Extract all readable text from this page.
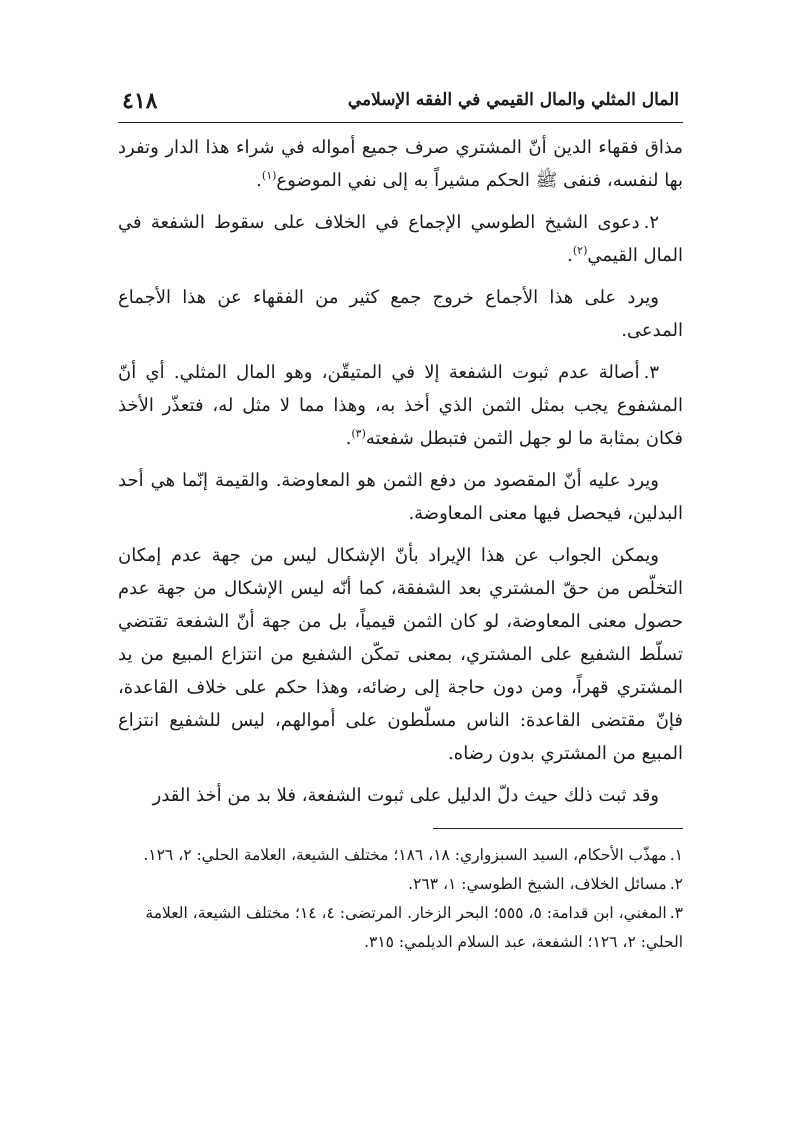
المال المثلي والمال القيمي في الفقه الإسلامي
٤١٨

مذاق فقهاء الدين أنّ المشتري صرف جميع أمواله في شراء هذا الدار وتفرد بها لنفسه، فنفى ﷺ الحكم مشيراً به إلى نفي الموضوع$^{(١)}$.

٢.دعوى الشيخ الطوسي الإجماع في الخلاف على سقوط الشفعة في المال القيمي$^{(٢)}$.

ويرد على هذا الأجماع خروج جمع كثير من الفقهاء عن هذا الأجماع المدعى.

٣.أصالة عدم ثبوت الشفعة إلا في المتيقّن، وهو المال المثلي. أي أنّ المشفوع يجب بمثل الثمن الذي أخذ به، وهذا مما لا مثل له، فتعذّر الأخذ فكان بمثابة ما لو جهل الثمن فتبطل شفعته$^{(٣)}$.

ويرد عليه أنّ المقصود من دفع الثمن هو المعاوضة. والقيمة إنّما هي أحد البدلين، فيحصل فيها معنى المعاوضة.

ويمكن الجواب عن هذا الإيراد بأنّ الإشكال ليس من جهة عدم إمكان التخلّص من حقّ المشتري بعد الشفقة، كما أنّه ليس الإشكال من جهة عدم حصول معنى المعاوضة، لو كان الثمن قيمياً، بل من جهة أنّ الشفعة تقتضي تسلّط الشفيع على المشتري، بمعنى تمكّن الشفيع من انتزاع المبيع من يد المشتري قهراً، ومن دون حاجة إلى رضائه، وهذا حكم على خلاف القاعدة، فإنّ مقتضى القاعدة: الناس مسلّطون على أموالهم، ليس للشفيع انتزاع المبيع من المشتري بدون رضاه.

وقد ثبت ذلك حيث دلّ الدليل على ثبوت الشفعة، فلا بد من أخذ القدر

١.مهذّب الأحكام، السيد السبزواري: ١٨، ١٨٦؛ مختلف الشيعة، العلامة الحلي: ٢، ١٢٦.

٢.مسائل الخلاف، الشيخ الطوسي: ١، ٢٦٣.

٣.المغني، ابن قدامة: ٥، ٥٥٥؛ البحر الزخار. المرتضى: ٤، ١٤؛ مختلف الشيعة، العلامة الحلي: ٢، ١٢٦؛ الشفعة، عبد السلام الديلمي: ٣١٥.
